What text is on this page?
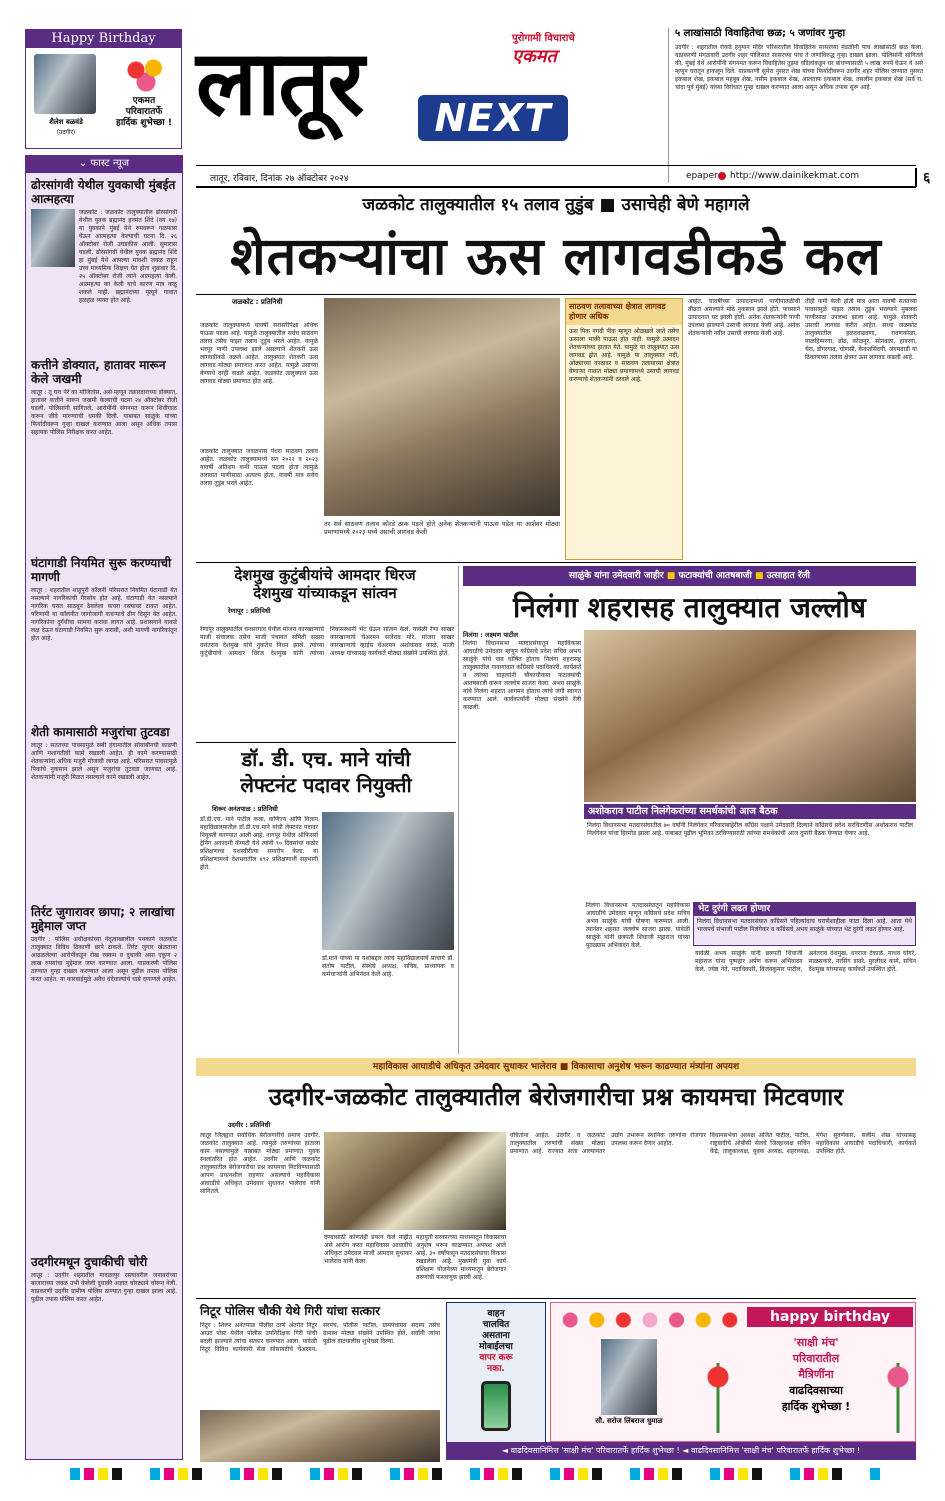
Happy Birthday
शैलेश बळवंडे
(उदगीर)
एकमत
परिवारातर्फे
हार्दिक शुभेच्छा ! लातूर	पुरोगामी विचाराचे
एकमत
NEXT
५ लाखांसाठी विवाहितेचा छळ; ५ जणांवर गुन्हा
उदगीर : शहरातील रोकडे हनुमान मंदिर परिसरातील विवाहितेस सासरच्या मंडळींनी पाच लाखांसाठी छळ केला. याप्रकरणी मंगळवारी उदगीर शहर पोलिसात सासरच्या पाच ते जणांविरुद्ध गुन्हा दाखल झाला. पोलिसांनी सांगितले की, मुंबई येथे आरोपींनी संगनमत करून विवाहितेस तुझ्या वडिलांकडून घर बांधण्यासाठी ५ लाख रुपये घेऊन ये असे म्हणून घरातून हाकलून दिले. याप्रकरणी सुमेरा नुसरत शेख यांच्या फिर्यादीवरून उदगीर शहर पोलिस ठाण्यात नुसरत इकबाल शेख, इकबाल महबूब शेख, नसीम इकबाल शेख, आलताफ इकबाल शेख, तसलीम इकबाल शेख (सर्व रा. चांदा पूर्व मुंबई) यांच्या विरोधात गुन्हा दाखल करण्यात आला असून अधिक तपास सुरू आहे.
लातूर, रविवार, दिनांक २७ ऑक्टोबर २०२४	epaper http://www.dainikekmat.com	६
⌄ फास्ट न्यूज
ढोरसांगवी येथील युवकाची मुंबईत आत्महत्या
जळकोट : जळकोट तालुक्यातील ढोरसांगवी येथील युवक ब्रह्मानंद हनमंत शिंदे (वय १७) या युवकाने मुंबई येथे रुमवरून गळफास घेऊन आत्महत्या केल्याची घटना दि. २६ ऑक्टोबर रोजी उघडकीस आली. सुमारास घडली. ढोरसांगवी येथील युवक ब्रह्मानंद शिंदे हा मुंबई येथे आपल्या मावशी जवळ राहून उच्च माध्यमिक शिक्षण घेत होता शुक्रवार दि. २५ ऑक्टोबर रोजी त्याने आत्महत्या केली. आत्महत्या का केली याचे कारण मात्र कळू शकले नाही. ब्रह्मानंदच्या मृत्यूने गावात हळहळ व्यक्त होत आहे.
कत्तीने डोक्यात, हातावर मारून केले जखमी
लातूर : तू घरा पेरे का मोजितोस, असे म्हणून तक्रारदाराच्या डोक्यात, हातावर कत्तीने मारून जखमी केल्याची घटना २४ ऑक्टोबर रोजी घडली. पोलिसांनी सांगितले, आरोपींनी संगनमत करून शिवीगाळ करून जीवे मारण्याची धमकी दिली. याबाबत साळुंके यांच्या फिर्यादीवरून गुन्हा दाखल करण्यात आला असून अधिक तपास सहायक पोलिस निरीक्षक करत आहेत.
घंटागाडी नियमित सुरू करण्याची मागणी
लातूर : शहरातील शाहूपुरी कॉलनी परिसरात नियमित घंटागाडी येत नसल्याने नागरिकांची गैरसोय होत आहे. घंटागाडी येत नसल्याने नागरिक घरात साठवून ठेवलेला कचरा रस्त्यावर टाकत आहेत. परिणामी या कॉलनीत जागोजागी कचऱ्याचे ढीग दिसून येत आहेत. नागरिकांना दुर्गंधीचा सामना करावा लागत आहे. प्रशासनाने याकडे लक्ष देऊन घंटागाडी नियमित सुरू करावी, अशी मागणी नागरिकांतून होत आहे.
शेती कामासाठी मजुरांचा तुटवडा
लातूर : सततच्या पावसामुळे रब्बी हंगामातील सोयाबीनची काढणी आणि मशागतीची कामे रखडली आहेत. ही कामे करण्यासाठी शेतकऱ्यांना अधिक मजुरी मोजावी लागत आहे. परिसरात पावसामुळे पिकांचे नुकसान झाले असून मजुरांचा तुटवडा जाणवत आहे. शेतकऱ्यांनी मजुरी मिळत नसल्याने कामे रखडली आहेत.
तिर्रट जुगारावर छापा; २ लाखांचा मुद्देमाल जप्त
उदगीर : पोलिस अधीक्षकांच्या नेतृत्वाखालील पथकाने जळकोट तालुक्यात विविध ठिकाणी छापे टाकले. तिर्रट जुगार खेळताना आढळलेल्या आरोपींकडून रोख रक्कम व दुचाकी असा एकूण २ लाख रुपयांचा मुद्देमाल जप्त करण्यात आला. याप्रकरणी पोलिस ठाण्यात गुन्हा दाखल करण्यात आला असून पुढील तपास पोलिस करत आहेत. या कारवाईमुळे अवैध धंदेवाल्यांचे धाबे दणाणले आहेत.
उदगीरमधून दुचाकीची चोरी
लातूर : उदगीर शहरातील मादळापुर रस्त्यावरील जनावरांच्या बाजाराच्या जवळ उभी केलेली दुचाकी अज्ञात चोरट्याने चोरून नेली. याप्रकरणी उदगीर ग्रामीण पोलिस ठाण्यात गुन्हा दाखल झाला आहे. पुढील तपास पोलिस करत आहेत.
जळकोट तालुक्यातील १५ तलाव तुडुंब ■ उसाचेही बेणे महागले
शेतकऱ्यांचा ऊस लागवडीकडे कल
जळकोट : प्रतिनिधी
जळकोट तालुक्यामध्ये यावर्षी सरासरीपेक्षा अधिक पाऊस पडला आहे. यामुळे तालुक्यातील सर्वच साठवण तलाव तसेच पाझर तलाव तुडुंब भरले आहेत. यामुळे भरपूर पाणी उपलब्ध झाले असल्याने शेतकरी ऊस लागवडीकडे वळले आहेत. तालुक्यात शेतकरी ऊस लागवड मोठ्या प्रमाणात करत आहेत. यामुळे उसाच्या बेण्याचे दरही वाढले आहेत. जळकोट तालुक्यात ऊस लागवड मोठ्या प्रमाणात होत आहे.
जळकोट तालुक्यात जवळपास पंधरा साठवण तलाव आहेत. जळकोट तालुक्यामध्ये सन २०२२ व २०२३ यावर्षी अतिशय कमी पाऊस पडला होता त्यामुळे तलावात पाणीसाठा अत्यल्प होता. यावर्षी मात्र सर्वच तलाव तुडुंब भरले आहेत.
तर सर्व साठवण तलाव कोरडे ठाक पडले होते अनेक शेतकऱ्यांनी पाऊस पडेल या आशेवर मोठ्या प्रमाणामध्ये २०२३ मध्ये उसाची लागवड केली
साठवण तलावाच्या क्षेत्रात लागवड होणार अधिक
ऊस पिक नगदी पीक म्हणून ओळखले जाते तसेच ऊसाला भाकी पाऊस होत नाही. यामुळे उत्पादन शेतकऱ्यांच्या हातात येते. यामुळे या तालुक्यात ऊस लागवड होत आहे. यामुळे या तालुक्यात नदी, ओढ्याच्या काठावर व साठवण तलावाच्या क्षेत्रात येणाऱ्या गावात मोठ्या प्रमाणामध्ये उसाची लागवड करण्याचे शेतकऱ्यांनी ठरवले आहे.
आहेत. यावर्षीच्या उत्पादनामध्ये पाणीपातळीची तीव्रता असल्याने मोठे नुकसान झाले होते. पावसाने उत्पादनात घट झाली होती. अनेक शेतकऱ्यांनी पाणी उपलब्ध झाल्याने उसाची लागवड केली आहे. अनेक शेतकऱ्यांनी नवीन उसाची लागवड केली आहे.
तीही कमी केली होती मात्र आता यावर्षी सततच्या पावसामुळे पाझर तलाव तुडुंब भरल्याने मुबलक पाणीसाठा उपलब्ध झाला आहे. यामुळे शेतकरी उसाची लागवड करीत आहेत. सध्या जळकोट तालुक्यातील हळदवाढवणा, रावणकोळा, माळहिप्परगा, ढोंढ, कोळनूर, सोनवळा, हावरगा, चेरा, डोंगरगाव, घोणसी, केकतसिंदगी, जंगमवाडी या ठिकाणच्या तलाव क्षेत्रात ऊस लागवड वाढली आहे.
देशमुख कुटुंबीयांचे आमदार धिरज
देशमुख यांच्याकडून सांत्वन
रेणापूर : प्रतिनिधी
रेणापूर तालुक्यातील घनसरगाव येथील मांजरा कारखान्याचे माजी संचालक तसेच माजी पंचायत समिती सदस्य वसंतराव देशमुख यांचे नुकतेच निधन झाले. त्यांच्या कुटुंबीयांचे आमदार धिरज देशमुख यांनी त्यांच्या निवासस्थानी भेट घेऊन सांत्वन केले. यावेळी रेणा साखर कारखान्याचे चेअरमन सर्जेराव मोरे, मांजरा साखर कारखान्याचे व्हाईस चेअरमन अशोकराव काळे, माजी अध्यक्ष यांच्यासह कार्यकर्ते मोठ्या संख्येने उपस्थित होते.
डॉ. डी. एच. माने यांची
लेफ्टनंट पदावर नियुक्ती
शिरूर अनंतपाळ : प्रतिनिधी
डॉ.डी.एच. माने पाटील कला, वाणिज्य आणि विज्ञान महाविद्यालयातील डॉ.डी.एच.माने यांची लेफ्टनंट पदावर नियुक्ती करण्यात आली आहे. नागपूर येथील ऑफिसर्स ट्रेनिंग अकादमी कॅम्पटी येथे त्यांनी ९० दिवसांचा कठोर प्रशिक्षणाचा यशस्वीरीत्या समारोप केला. या प्रशिक्षणामध्ये देशभरातील ४९२ प्रशिक्षणार्थी सहभागी होते.
डॉ.माने यांच्या या यशाबद्दल त्यांचे महाविद्यालयाचे प्राचार्य डॉ. संतोष पाटील, संस्थेचे अध्यक्ष, सचिव, प्राध्यापक व कर्मचाऱ्यांनी अभिनंदन केले आहे.
साळुंके यांना उमेदवारी जाहीर ■ फटाक्यांची आतषबाजी ■ उत्साहात रॅली
निलंगा शहरासह तालुक्यात जल्लोष
निलंगा : लक्ष्मण पाटील
निलंगा विधानसभा मतदारसंघातून महाविकास आघाडीचे उमेदवार म्हणून काँग्रेसचे प्रदेश सचिव अभय साळुंके यांचे नाव घोषित होताच निलंगा शहरासह तालुक्यातील गावागावात काँग्रेसचे पदाधिकारी, कार्यकर्ते व त्यांच्या चाहत्यांनी चौकाचौकात फटाक्यांची आतषबाजी करून जल्लोष साजरा केला. अभय साळुंके यांचे निलंगा शहरात आगमन होताच त्यांचे जंगी स्वागत करण्यात आले. कार्यकर्त्यांनी मोठ्या संख्येने रॅली काढली.
अशोकराव पाटील निलंगेकरांच्या समर्थकांची आज बैठक
निलंगा विधानसभा मतदारसंघातील ७० वर्षांनी निलंगेकर परिवाराबाहेरील काँग्रेस पक्षाने उमेदवारी दिल्याने काँग्रेसचे प्रदेश सरचिटणीस अशोकराव पाटील निलंगेकर यांचा हिरमोड झाला आहे. याबाबत पुढील भूमिका ठरविण्यासाठी त्यांच्या समर्थकांची आज दुपारी बैठक घेण्यात येणार आहे.
निलंगा विधानसभा मतदारसंघातून महाविकास आघाडीचे उमेदवार म्हणून काँग्रेसचे प्रदेश सचिव अभय साळुंके यांची घोषणा करण्यात आली. त्यानंतर शहरात जल्लोष साजरा झाला. यावेळी साळुंके यांनी छत्रपती शिवाजी महाराज यांच्या पुतळ्यास अभिवादन केले.
भेट दुरंगी लढत होणार
निलंगा विधानसभा मतदारसंघात काँग्रेसने पहिल्यांदाच घराणेशाहीला फाटा दिला आहे. आता येथे भाजपचे संभाजी पाटील निलंगेकर व काँग्रेसचे अभय साळुंके यांच्यात थेट दुरंगी लढत होणार आहे.
यावेळी अभय साळुंके यांनी छत्रपती शिवाजी महाराज यांना पुष्पहार अर्पण करून अभिवादन केले. ज्येष्ठ नेते, पदाधिकारी, विजयकुमार पाटील, अनंतराव देशमुख, धनराज टेकाळे, माधव घोगरे, साळसकारे, नरसिंग डावरे, मुरलीधर कामे, सचिन देशमुख यांच्यासह कार्यकर्ते उपस्थित होते.
महाविकास आघाडीचे अधिकृत उमेदवार सुधाकर भालेराव ■ विकासाचा अनुशेष भरून काढण्यात मंत्र्यांना अपयश
उदगीर-जळकोट तालुक्यातील बेरोजगारीचा प्रश्न कायमचा मिटवणार
उदगीर : प्रतिनिधी
लातूर जिल्ह्यात सर्वाधिक बेरोजगारीचे प्रमाण उदगीर, जळकोट तालुक्यात आहे. त्यामुळे तरुणांच्या हाताला काम नसल्यामुळे याबाबत मोठ्या प्रमाणात युवक स्थलांतरित होत आहेत. उदगीर आणि जळकोट तालुक्यातील बेरोजगारीचा प्रश्न कायमचा मिटविण्यासाठी आपण प्रयत्नशील राहणार असल्याचे महाविकास आघाडीचे अधिकृत उमेदवार सुधाकर भालेराव यांनी सांगितले.
देण्यासाठी कोणतेही प्रयत्न केले नाहीत असे आरोप करत महाविकास आघाडीचे अधिकृत उमेदवार माजी आमदार सुधाकर भालेराव यांनी केला.
महायुती सरकारच्या माध्यमातून विकासाचा अनुशेष भरून काढण्यात अपयश आले आहे. ३० वर्षांपासून मतदारसंघाचा विकास रखडलेला आहे. मुख्यमंत्री युवा कार्य प्रशिक्षण योजनेच्या माध्यमातून बेरोजगार तरुणांची फसवणूक झाली आहे.
वचितांना आहेत. उदगीर व जळकोट तालुक्यातील तरुणांची संख्या मोठ्या प्रमाणात आहे. राज्यात सत्ता आल्यानंतर उद्योग उभारून स्थानिक तरुणांना रोजगार उपलब्ध करून देणार आहोत.
विधानसभेचा अध्यक्ष अजित पाटील, पाटील, राष्ट्रवादीचे ओबीसी सेलचे जिल्हाध्यक्ष सचिन केंद्रे, तालुकाध्यक्ष, युवक अध्यक्ष, शहराध्यक्ष, मंगेश सुवर्णकार, सलीम शेख यांच्यासह महाविकास आघाडीचे पदाधिकारी, कार्यकर्ते उपस्थित होते.
निटूर पोलिस चौकी येथे गिरी यांचा सत्कार
निटूर : शिरूर अनंतपाळ पोलीस ठाणे अंतर्गत निटूर आउट पोस्ट येथील पोलीस उपनिरीक्षक गिरी यांची बदली झाल्याने त्यांचा सत्कार करण्यात आला. यावेळी निटूर विविध कार्यकारी सेवा सोसायटीचे चेअरमन, सरपंच, पोलीस पाटील, ग्रामपंचायत सदस्य तसेच ग्रामस्थ मोठ्या संख्येने उपस्थित होते. सर्वांनी त्यांना पुढील वाटचालीस शुभेच्छा दिल्या.
वाहन
चालवित
असताना
मोबाईलचा
वापर करू
नका.
happy birthday
सौ. सरोज लिंबराज धुमाळ
'साक्षी मंच'
परिवारातील
मैत्रिणींना
वाढदिवसाच्या
हार्दिक शुभेच्छा !
◄ वाढदिवसानिमित्त 'साक्षी मंच' परिवारातर्फे हार्दिक शुभेच्छा ! ◄ वाढदिवसानिमित्त 'साक्षी मंच' परिवारातर्फे हार्दिक शुभेच्छा !
